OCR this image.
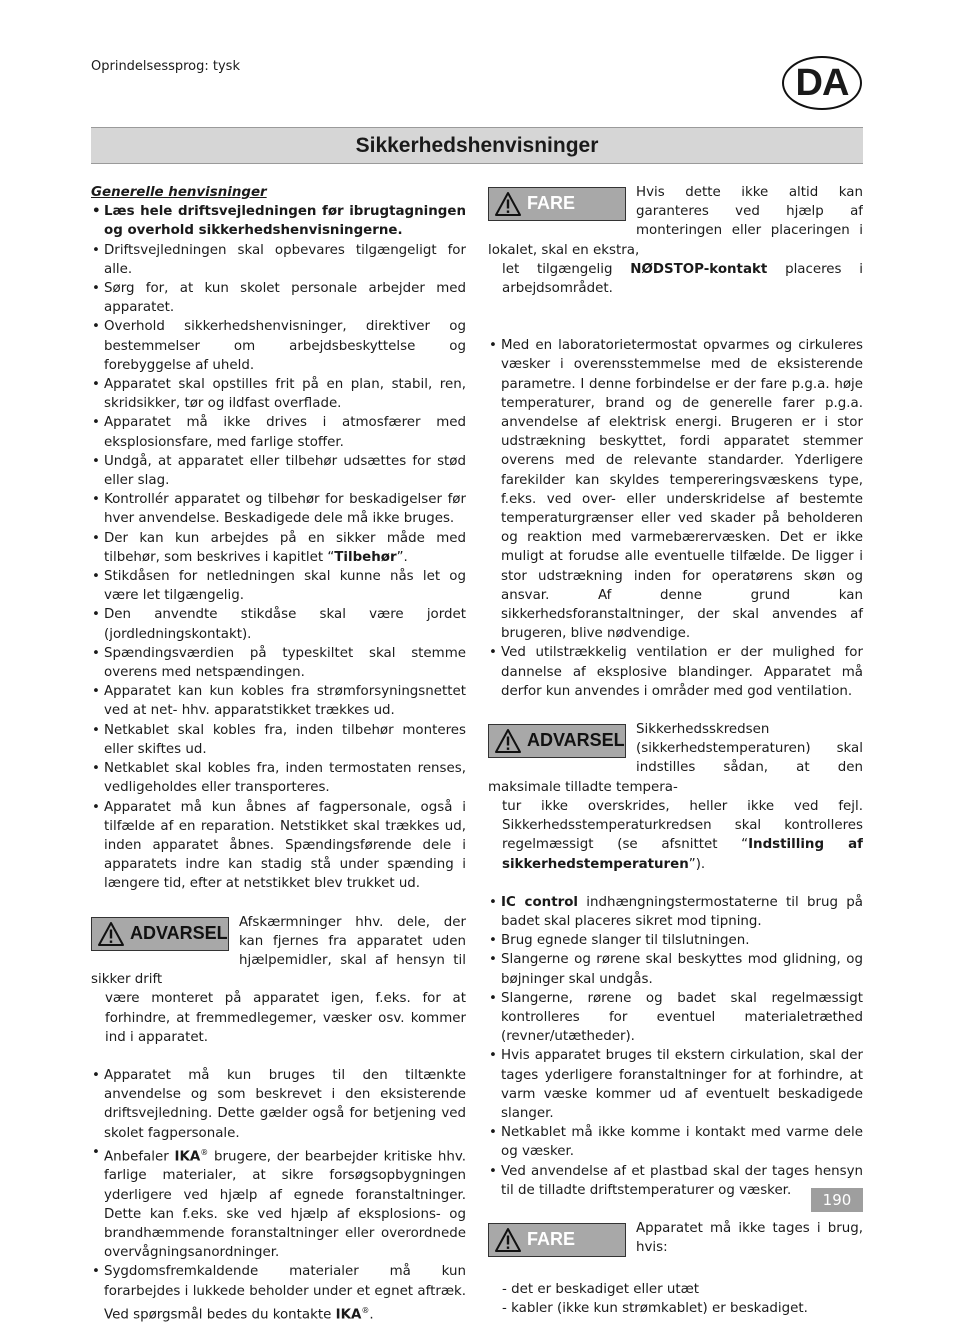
Oprindelsessprog: tysk	DA
Sikkerhedshenvisninger

Generelle henvisninger

• Læs hele driftsvejledningen før ibrugtagningen og overhold sikkerhedshenvisningerne.
• Driftsvejledningen skal opbevares tilgængeligt for alle.
• Sørg for, at kun skolet personale arbejder med apparatet.
• Overhold sikkerhedshenvisninger, direktiver og bestemmelser om arbejdsbeskyttelse og forebyggelse af uheld.
• Apparatet skal opstilles frit på en plan, stabil, ren, skridsikker, tør og ildfast overflade.
• Apparatet må ikke drives i atmosfærer med eksplosionsfare, med farlige stoffer.
• Undgå, at apparatet eller tilbehør udsættes for stød eller slag.
• Kontrollér apparatet og tilbehør for beskadigelser før hver anvendelse. Beskadigede dele må ikke bruges.
• Der kan kun arbejdes på en sikker måde med tilbehør, som beskrives i kapitlet “Tilbehør”.
• Stikdåsen for netledningen skal kunne nås let og være let tilgængelig.
• Den anvendte stikdåse skal være jordet (jordledningskontakt).
• Spændingsværdien på typeskiltet skal stemme overens med netspændingen.
• Apparatet kan kun kobles fra strømforsyningsnettet ved at net- hhv. apparatstikket trækkes ud.
• Netkablet skal kobles fra, inden tilbehør monteres eller skiftes ud.
• Netkablet skal kobles fra, inden termostaten renses, vedligeholdes eller transporteres.
• Apparatet må kun åbnes af fagpersonale, også i tilfælde af en reparation. Netstikket skal trækkes ud, inden apparatet åbnes. Spændingsførende dele i apparatets indre kan stadig stå under spænding i længere tid, efter at netstikket blev trukket ud.
ADVARSEL

Afskærmninger hhv. dele, der kan fjernes fra apparatet uden hjælpemidler, skal af hensyn til sikker drift

være monteret på apparatet igen, f.eks. for at forhindre, at fremmedlegemer, væsker osv. kommer ind i apparatet.

• Apparatet må kun bruges til den tiltænkte anvendelse og som beskrevet i den eksisterende driftsvejledning. Dette gælder også for betjening ved skolet fagpersonale.
• Anbefaler IKA® brugere, der bearbejder kritiske hhv. farlige materialer, at sikre forsøgsopbygningen yderligere ved hjælp af egnede foranstaltninger. Dette kan f.eks. ske ved hjælp af eksplosions- og brandhæmmende foranstaltninger eller overordnede overvågningsanordninger.
• Sygdomsfremkaldende materialer må kun forarbejdes i lukkede beholder under et egnet aftræk. Ved spørgsmål bedes du kontakte IKA®.
FARE

Hvis dette ikke altid kan garanteres ved hjælp af monteringen eller placeringen i lokalet, skal en ekstra,

let tilgængelig NØDSTOP-kontakt placeres i arbejdsområdet.

• Med en laboratorietermostat opvarmes og cirkuleres væsker i overensstemmelse med de eksisterende parametre. I denne forbindelse er der fare p.g.a. høje temperaturer, brand og de generelle farer p.g.a. anvendelse af elektrisk energi. Brugeren er i stor udstrækning beskyttet, fordi apparatet stemmer overens med de relevante standarder. Yderligere farekilder kan skyldes tempereringsvæskens type, f.eks. ved over- eller underskridelse af bestemte temperaturgrænser eller ved skader på beholderen og reaktion med varmebærervæsken. Det er ikke muligt at forudse alle eventuelle tilfælde. De ligger i stor udstrækning inden for operatørens skøn og ansvar. Af denne grund kan sikkerhedsforanstaltninger, der skal anvendes af brugeren, blive nødvendige.
• Ved utilstrækkelig ventilation er der mulighed for dannelse af eksplosive blandinger. Apparatet må derfor kun anvendes i områder med god ventilation.
ADVARSEL

Sikkerhedsskredsen (sikkerhedstemperaturen) skal indstilles sådan, at den maksimale tilladte tempera-

tur ikke overskrides, heller ikke ved fejl. Sikkerhedsstemperaturkredsen skal kontrolleres regelmæssigt (se afsnittet “Indstilling af sikkerhedstemperaturen”).

• IC control indhængningstermostaterne til brug på badet skal placeres sikret mod tipning.
• Brug egnede slanger til tilslutningen.
• Slangerne og rørene skal beskyttes mod glidning, og bøjninger skal undgås.
• Slangerne, rørene og badet skal regelmæssigt kontrolleres for eventuel materialetræthed (revner/utætheder).
• Hvis apparatet bruges til ekstern cirkulation, skal der tages yderligere foranstaltninger for at forhindre, at varm væske kommer ud af eventuelt beskadigede slanger.
• Netkablet må ikke komme i kontakt med varme dele og væsker.
• Ved anvendelse af et plastbad skal der tages hensyn til de tilladte driftstemperaturer og væsker.
FARE

Apparatet må ikke tages i brug, hvis:

- det er beskadiget eller utæt
- kabler (ikke kun strømkablet) er beskadiget.
190
